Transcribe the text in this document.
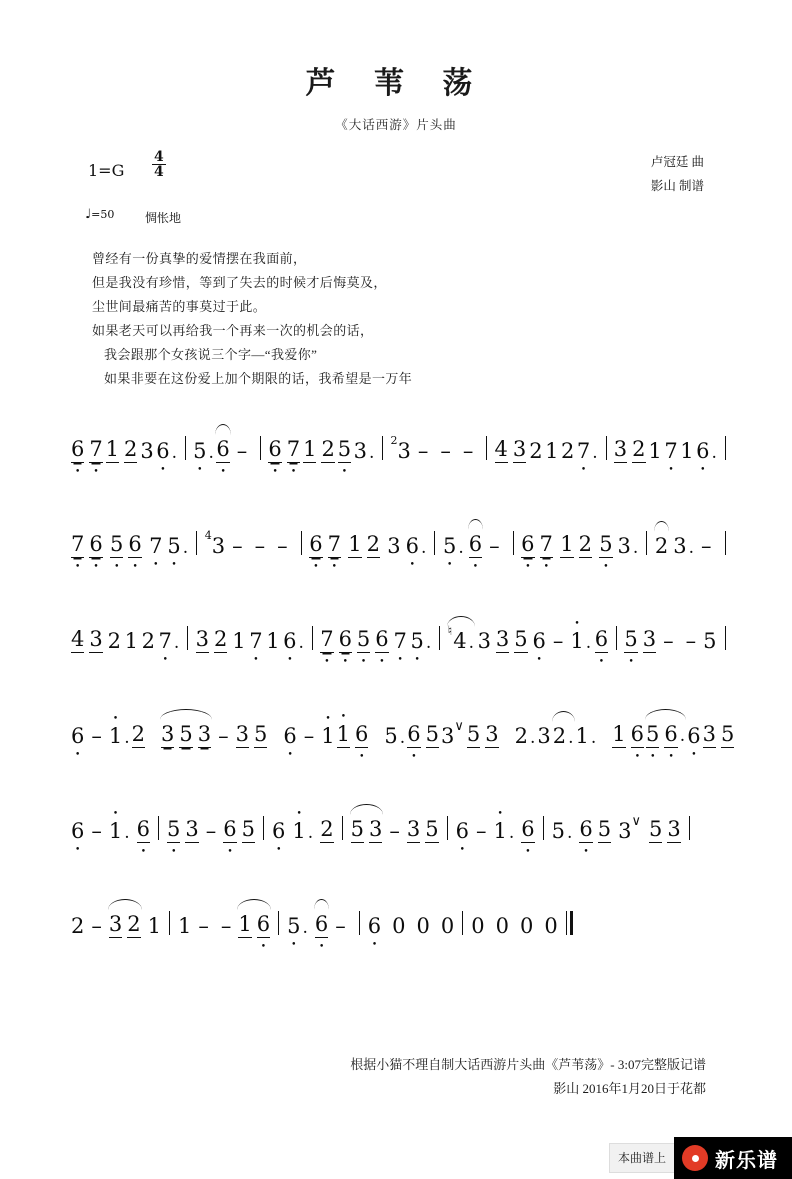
芦 苇 荡
《大话西游》片头曲
$1=G \frac{4}{4}$	卢冠廷 曲
影山 制谱
♩=50	惆怅地
曾经有一份真挚的爱情摆在我面前，
但是我没有珍惜，等到了失去的时候才后悔莫及，
尘世间最痛苦的事莫过于此。
如果老天可以再给我一个再来一次的机会的话，
我会跟那个女孩说三个字—“我爱你”
如果非要在这份爱上加个期限的话，我希望是一万年
6 • 7 • 1 2 3 6 • . 5 • . 6 • – 6 • 7 • 1 2 5 • 3 .
$^2$3 – – – 4 3 2 1 2 7 • . 3 2 1 7 • 1 6 • .
7 • 6 • 5 • 6 • 7 • 5 • .
$^4$3 – – – 6 • 7 • 1 2 3 6 • . 5 • . 6 • – 6 • 7 • 1 2 5 • 3 . 2 3 . –
4 3 2 1 2 7 • . 3 2 1 7 • 1 6 • . 7 • 6 • 5 • 6 • 7 • 5 • .
♮4 . 3 3 5 6 • – • 1 . 6 • 5 • 3 – – 5
6 • – • 1 . 2 3 5 3 – 3 5 6 • – • 1 • 1 6 • 5 . 6 • 5 3∨ 5 3 2 . 3 2 . 1 . 1 6 • 5 • 6 • . 6 • 3 5
6 • – • 1 . 6 • 5 • 3 – 6 • 5 6 • • 1 . 2 5 3 – 3 5 6 • – • 1 . 6 • 5 . 6 • 5 3∨ 5 3
2 – 3 2 1 1 – – 1 6 • 5 • . 6 • – 6 • 0 0 0 0 0 0 0
根据小猫不理自制大话西游片头曲《芦苇荡》- 3:07完整版记谱
影山 2016年1月20日于花都
本曲谱上	新乐谱
